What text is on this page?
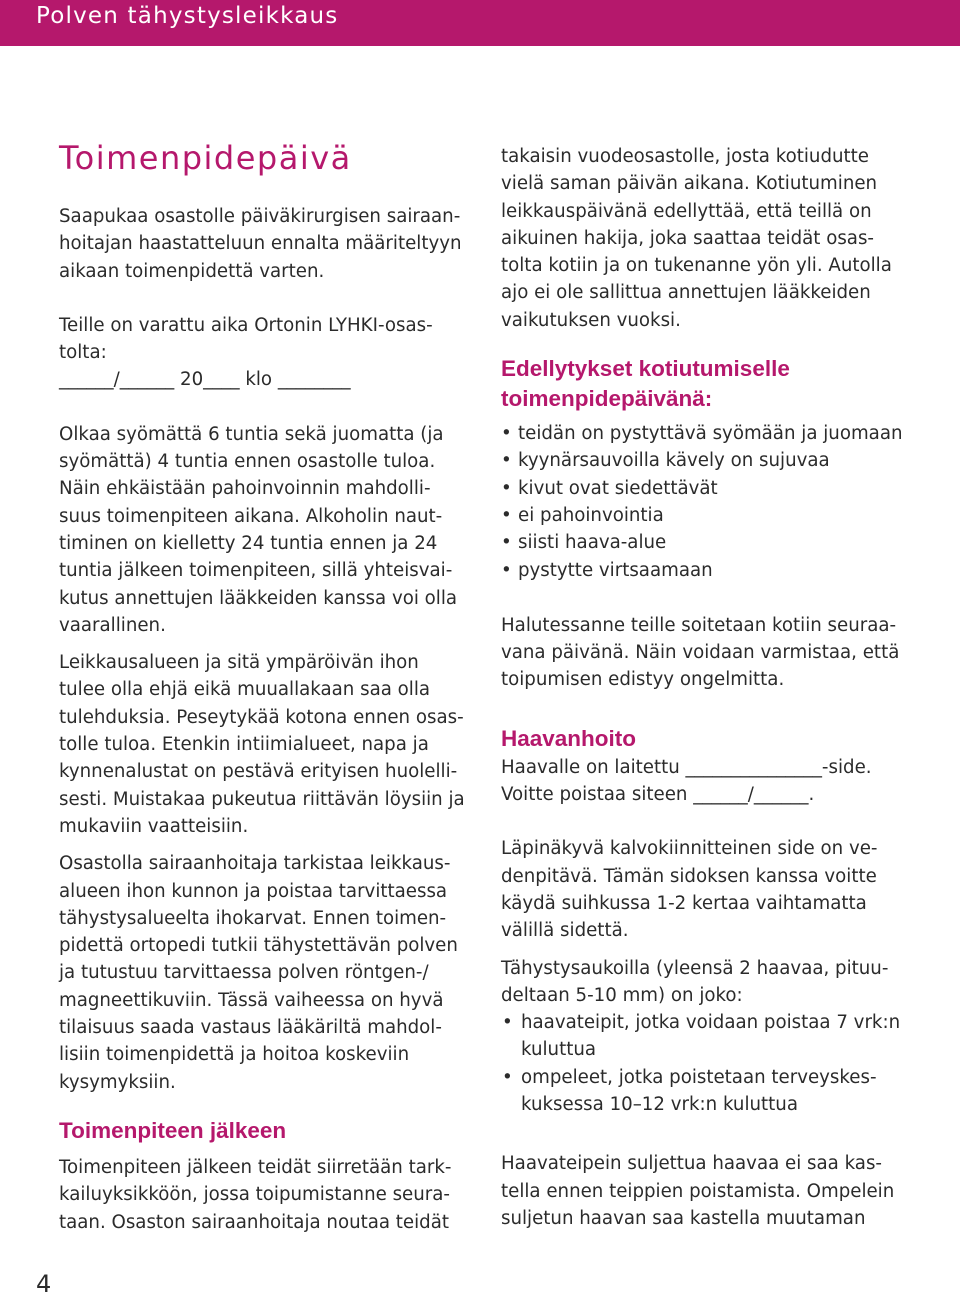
Polven tähystysleikkaus
Toimenpidepäivä
Saapukaa osastolle päiväkirurgisen sairaan-
hoitajan haastatteluun ennalta määriteltyyn
aikaan toimenpidettä varten.
Teille on varattu aika Ortonin LYHKI-osas-
tolta:
______/______ 20____ klo ________
Olkaa syömättä 6 tuntia sekä juomatta (ja
syömättä) 4 tuntia ennen osastolle tuloa.
Näin ehkäistään pahoinvoinnin mahdolli-
suus toimenpiteen aikana. Alkoholin naut-
timinen on kielletty 24 tuntia ennen ja 24
tuntia jälkeen toimenpiteen, sillä yhteisvai-
kutus annettujen lääkkeiden kanssa voi olla
vaarallinen.
Leikkausalueen ja sitä ympäröivän ihon
tulee olla ehjä eikä muuallakaan saa olla
tulehduksia. Peseytykää kotona ennen osas-
tolle tuloa. Etenkin intiimialueet, napa ja
kynnenalustat on pestävä erityisen huolelli-
sesti. Muistakaa pukeutua riittävän löysiin ja
mukaviin vaatteisiin.
Osastolla sairaanhoitaja tarkistaa leikkaus-
alueen ihon kunnon ja poistaa tarvittaessa
tähystysalueelta ihokarvat. Ennen toimen-
pidettä ortopedi tutkii tähystettävän polven
ja tutustuu tarvittaessa polven röntgen-/
magneettikuviin. Tässä vaiheessa on hyvä
tilaisuus saada vastaus lääkäriltä mahdol-
lisiin toimenpidettä ja hoitoa koskeviin
kysymyksiin.
Toimenpiteen jälkeen
Toimenpiteen jälkeen teidät siirretään tark-
kailuyksikköön, jossa toipumistanne seura-
taan. Osaston sairaanhoitaja noutaa teidät
takaisin vuodeosastolle, josta kotiudutte
vielä saman päivän aikana. Kotiutuminen
leikkauspäivänä edellyttää, että teillä on
aikuinen hakija, joka saattaa teidät osas-
tolta kotiin ja on tukenanne yön yli. Autolla
ajo ei ole sallittua annettujen lääkkeiden
vaikutuksen vuoksi.
Edellytykset kotiutumiselle
toimenpidepäivänä:
• teidän on pystyttävä syömään ja juomaan
• kyynärsauvoilla kävely on sujuvaa
• kivut ovat siedettävät
• ei pahoinvointia
• siisti haava-alue
• pystytte virtsaamaan
Halutessanne teille soitetaan kotiin seuraa-
vana päivänä. Näin voidaan varmistaa, että
toipumisen edistyy ongelmitta.
Haavanhoito
Haavalle on laitettu _______________-side.
Voitte poistaa siteen ______/______.
Läpinäkyvä kalvokiinnitteinen side on ve-
denpitävä. Tämän sidoksen kanssa voitte
käydä suihkussa 1-2 kertaa vaihtamatta
välillä sidettä.
Tähystysaukoilla (yleensä 2 haavaa, pituu-
deltaan 5-10 mm) on joko:
• haavateipit, jotka voidaan poistaa 7 vrk:n
kuluttua
• ompeleet, jotka poistetaan terveyskes-
kuksessa 10–12 vrk:n kuluttua
Haavateipein suljettua haavaa ei saa kas-
tella ennen teippien poistamista. Ompelein
suljetun haavan saa kastella muutaman
4
